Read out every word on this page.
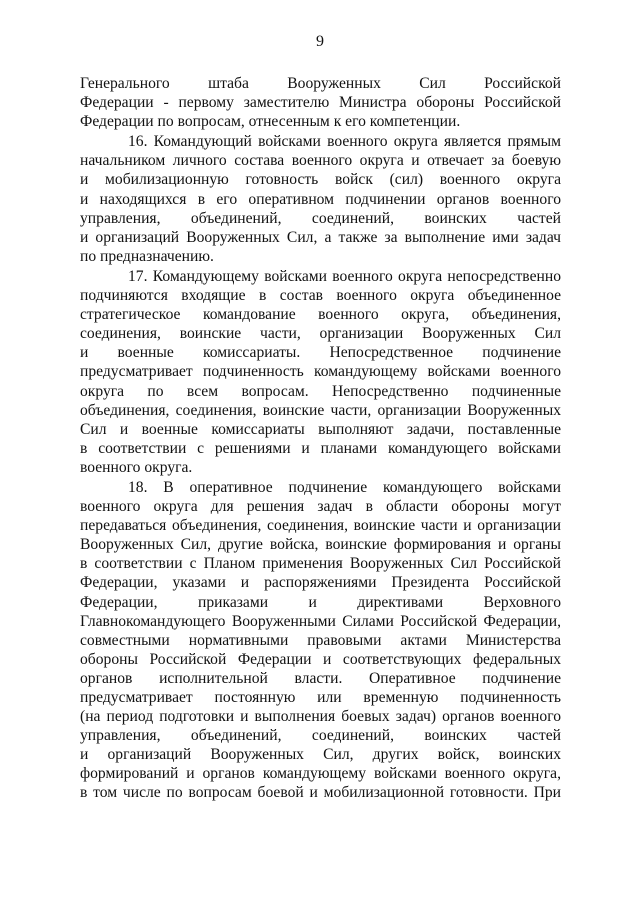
9
Генерального штаба Вооруженных Сил Российской
Федерации - первому заместителю Министра обороны Российской
Федерации по вопросам, отнесенным к его компетенции.
16. Командующий войсками военного округа является прямым
начальником личного состава военного округа и отвечает за боевую
и мобилизационную готовность войск (сил) военного округа
и находящихся в его оперативном подчинении органов военного
управления, объединений, соединений, воинских частей
и организаций Вооруженных Сил, а также за выполнение ими задач
по предназначению.
17. Командующему войсками военного округа непосредственно
подчиняются входящие в состав военного округа объединенное
стратегическое командование военного округа, объединения,
соединения, воинские части, организации Вооруженных Сил
и военные комиссариаты. Непосредственное подчинение
предусматривает подчиненность командующему войсками военного
округа по всем вопросам. Непосредственно подчиненные
объединения, соединения, воинские части, организации Вооруженных
Сил и военные комиссариаты выполняют задачи, поставленные
в соответствии с решениями и планами командующего войсками
военного округа.
18. В оперативное подчинение командующего войсками
военного округа для решения задач в области обороны могут
передаваться объединения, соединения, воинские части и организации
Вооруженных Сил, другие войска, воинские формирования и органы
в соответствии с Планом применения Вооруженных Сил Российской
Федерации, указами и распоряжениями Президента Российской
Федерации, приказами и директивами Верховного
Главнокомандующего Вооруженными Силами Российской Федерации,
совместными нормативными правовыми актами Министерства
обороны Российской Федерации и соответствующих федеральных
органов исполнительной власти. Оперативное подчинение
предусматривает постоянную или временную подчиненность
(на период подготовки и выполнения боевых задач) органов военного
управления, объединений, соединений, воинских частей
и организаций Вооруженных Сил, других войск, воинских
формирований и органов командующему войсками военного округа,
в том числе по вопросам боевой и мобилизационной готовности. При
